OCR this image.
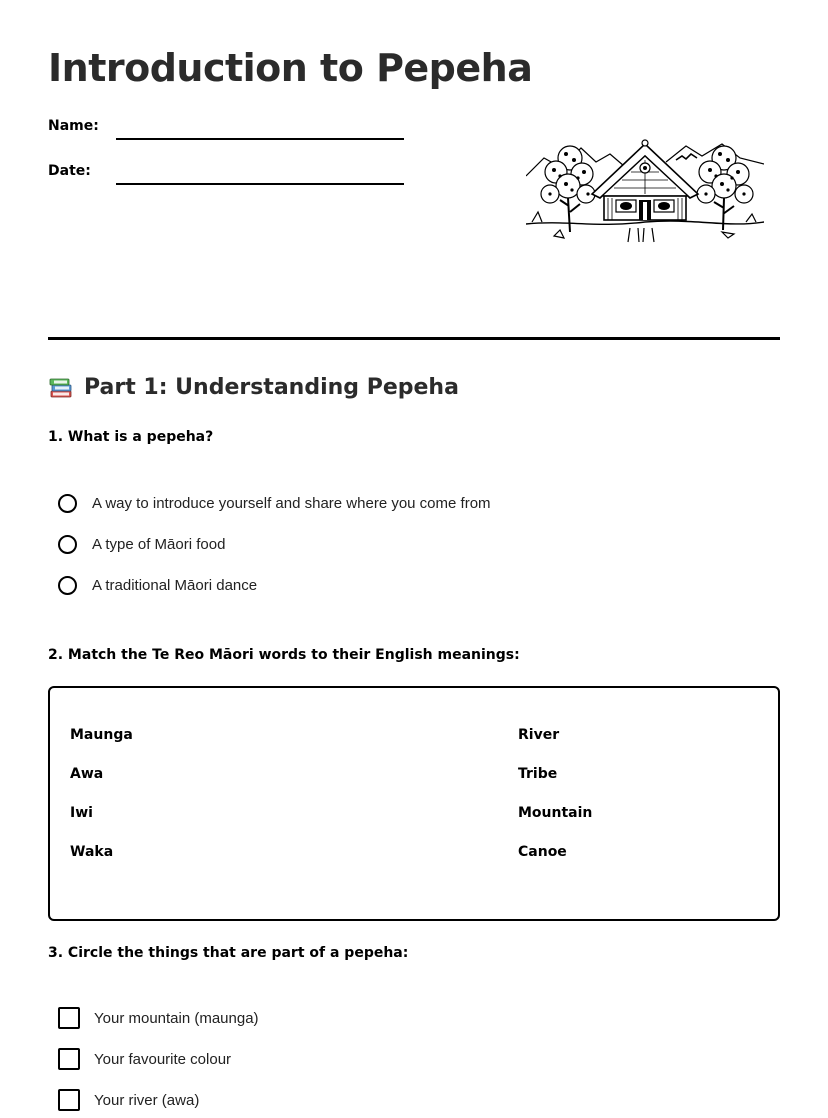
Introduction to Pepeha
Name:
Date:
Part 1: Understanding Pepeha
1. What is a pepeha?
A way to introduce yourself and share where you come from
A type of Māori food
A traditional Māori dance
2. Match the Te Reo Māori words to their English meanings:
Maunga
Awa
Iwi
Waka
River
Tribe
Mountain
Canoe
3. Circle the things that are part of a pepeha:
Your mountain (maunga)
Your favourite colour
Your river (awa)
